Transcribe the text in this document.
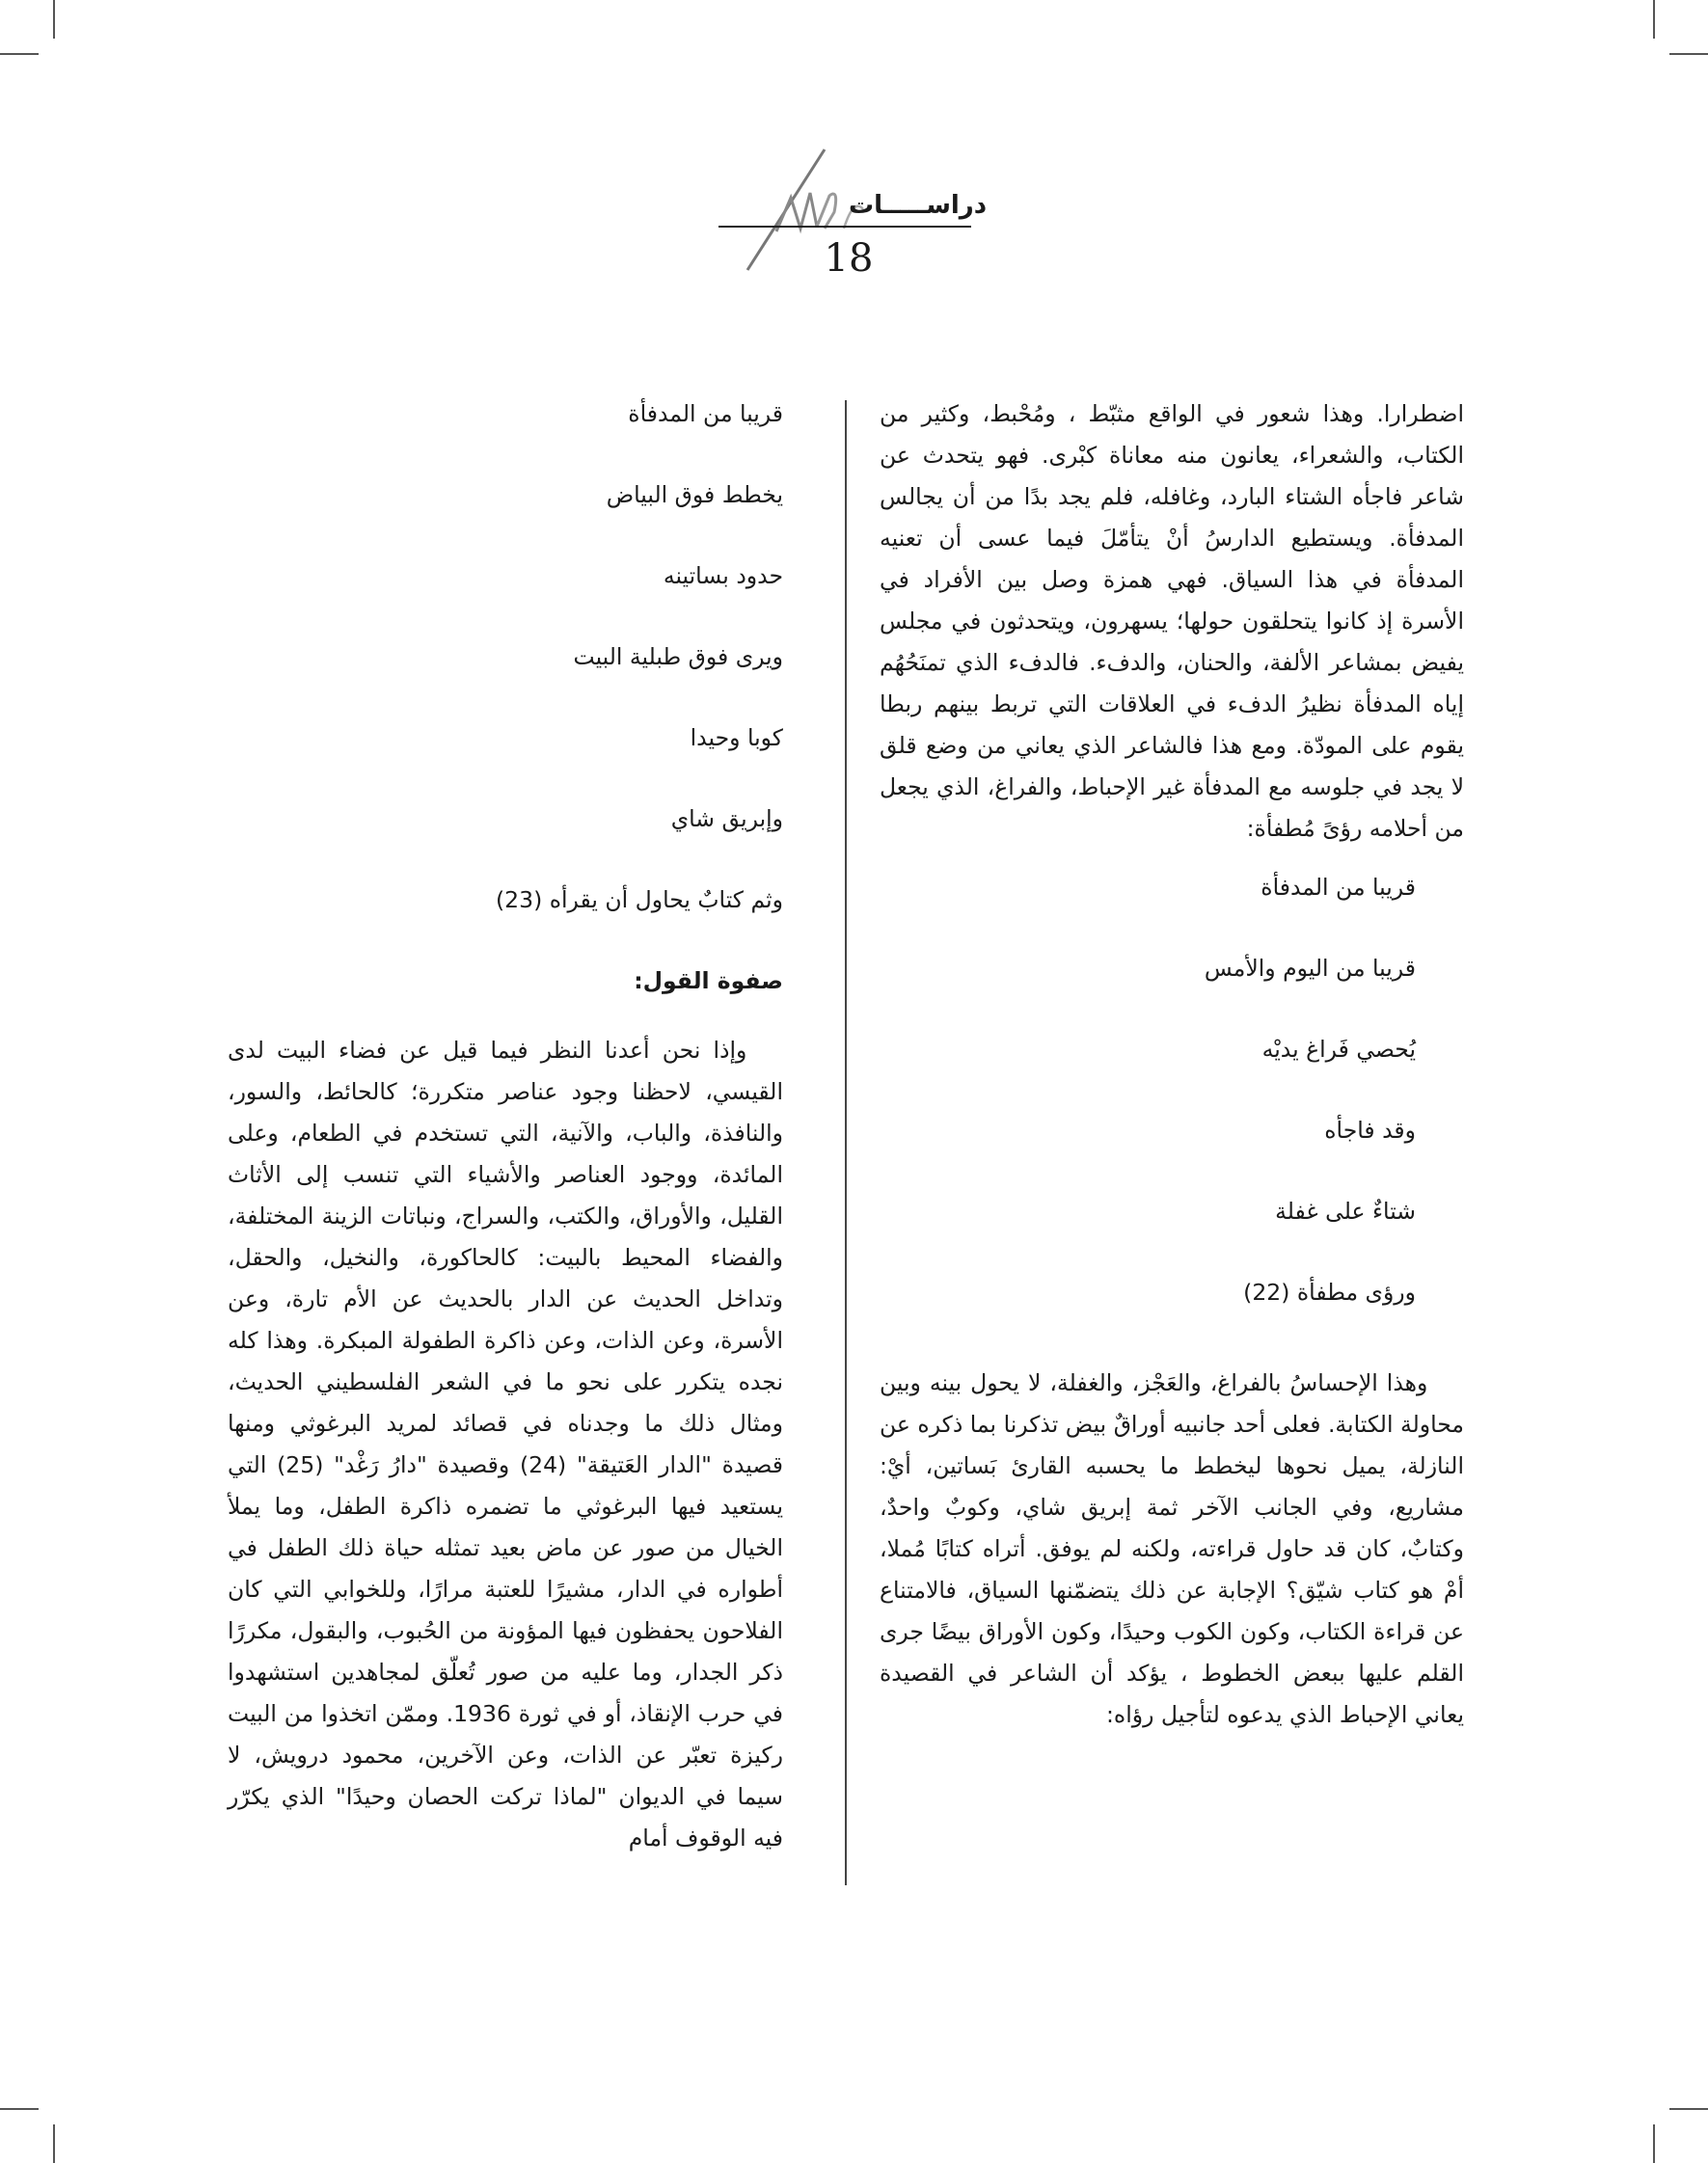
دراســـــات
18

اضطرارا. وهذا شعور في الواقع مثبّط ، ومُحْبط، وكثير من الكتاب، والشعراء، يعانون منه معاناة كبْرى. فهو يتحدث عن شاعر فاجأه الشتاء البارد، وغافله، فلم يجد بدًا من أن يجالس المدفأة. ويستطيع الدارسُ أنْ يتأمّلَ فيما عسى أن تعنيه المدفأة في هذا السياق. فهي همزة وصل بين الأفراد في الأسرة إذ كانوا يتحلقون حولها؛ يسهرون، ويتحدثون في مجلس يفيض بمشاعر الألفة، والحنان، والدفء. فالدفء الذي تمنَحُهُم إياه المدفأة نظيرُ الدفء في العلاقات التي تربط بينهم ربطا يقوم على المودّة. ومع هذا فالشاعر الذي يعاني من وضع قلق لا يجد في جلوسه مع المدفأة غير الإحباط، والفراغ، الذي يجعل من أحلامه رؤىً مُطفأة:

قريبا من المدفأة

قريبا من اليوم والأمس

يُحصي فَراغ يديْه

وقد فاجأه

شتاءٌ على غفلة

ورؤى مطفأة (22)

وهذا الإحساسُ بالفراغ، والعَجْز، والغفلة، لا يحول بينه وبين محاولة الكتابة. فعلى أحد جانبيه أوراقٌ بيض تذكرنا بما ذكره عن النازلة، يميل نحوها ليخطط ما يحسبه القارئ بَساتين، أيْ: مشاريع، وفي الجانب الآخر ثمة إبريق شاي، وكوبٌ واحدٌ، وكتابٌ، كان قد حاول قراءته، ولكنه لم يوفق. أتراه كتابًا مُملا، أمْ هو كتاب شيّق؟ الإجابة عن ذلك يتضمّنها السياق، فالامتناع عن قراءة الكتاب، وكون الكوب وحيدًا، وكون الأوراق بيضًا جرى القلم عليها ببعض الخطوط ، يؤكد أن الشاعر في القصيدة يعاني الإحباط الذي يدعوه لتأجيل رؤاه:

قريبا من المدفأة

يخطط فوق البياض

حدود بساتينه

ويرى فوق طبلية البيت

كوبا وحيدا

وإبريق شاي

وثم كتابٌ يحاول أن يقرأه (23)

صفوة القول:

وإذا نحن أعدنا النظر فيما قيل عن فضاء البيت لدى القيسي، لاحظنا وجود عناصر متكررة؛ كالحائط، والسور، والنافذة، والباب، والآنية، التي تستخدم في الطعام، وعلى المائدة، ووجود العناصر والأشياء التي تنسب إلى الأثاث القليل، والأوراق، والكتب، والسراج، ونباتات الزينة المختلفة، والفضاء المحيط بالبيت: كالحاكورة، والنخيل، والحقل، وتداخل الحديث عن الدار بالحديث عن الأم تارة، وعن الأسرة، وعن الذات، وعن ذاكرة الطفولة المبكرة. وهذا كله نجده يتكرر على نحو ما في الشعر الفلسطيني الحديث، ومثال ذلك ما وجدناه في قصائد لمريد البرغوثي ومنها قصيدة "الدار العَتيقة" (24) وقصيدة "دارُ رَغْد" (25) التي يستعيد فيها البرغوثي ما تضمره ذاكرة الطفل، وما يملأ الخيال من صور عن ماض بعيد تمثله حياة ذلك الطفل في أطواره في الدار، مشيرًا للعتبة مرارًا، وللخوابي التي كان الفلاحون يحفظون فيها المؤونة من الحُبوب، والبقول، مكررًا ذكر الجدار، وما عليه من صور تُعلّق لمجاهدين استشهدوا في حرب الإنقاذ، أو في ثورة 1936. وممّن اتخذوا من البيت ركيزة تعبّر عن الذات، وعن الآخرين، محمود درويش، لا سيما في الديوان "لماذا تركت الحصان وحيدًا" الذي يكرّر فيه الوقوف أمام
